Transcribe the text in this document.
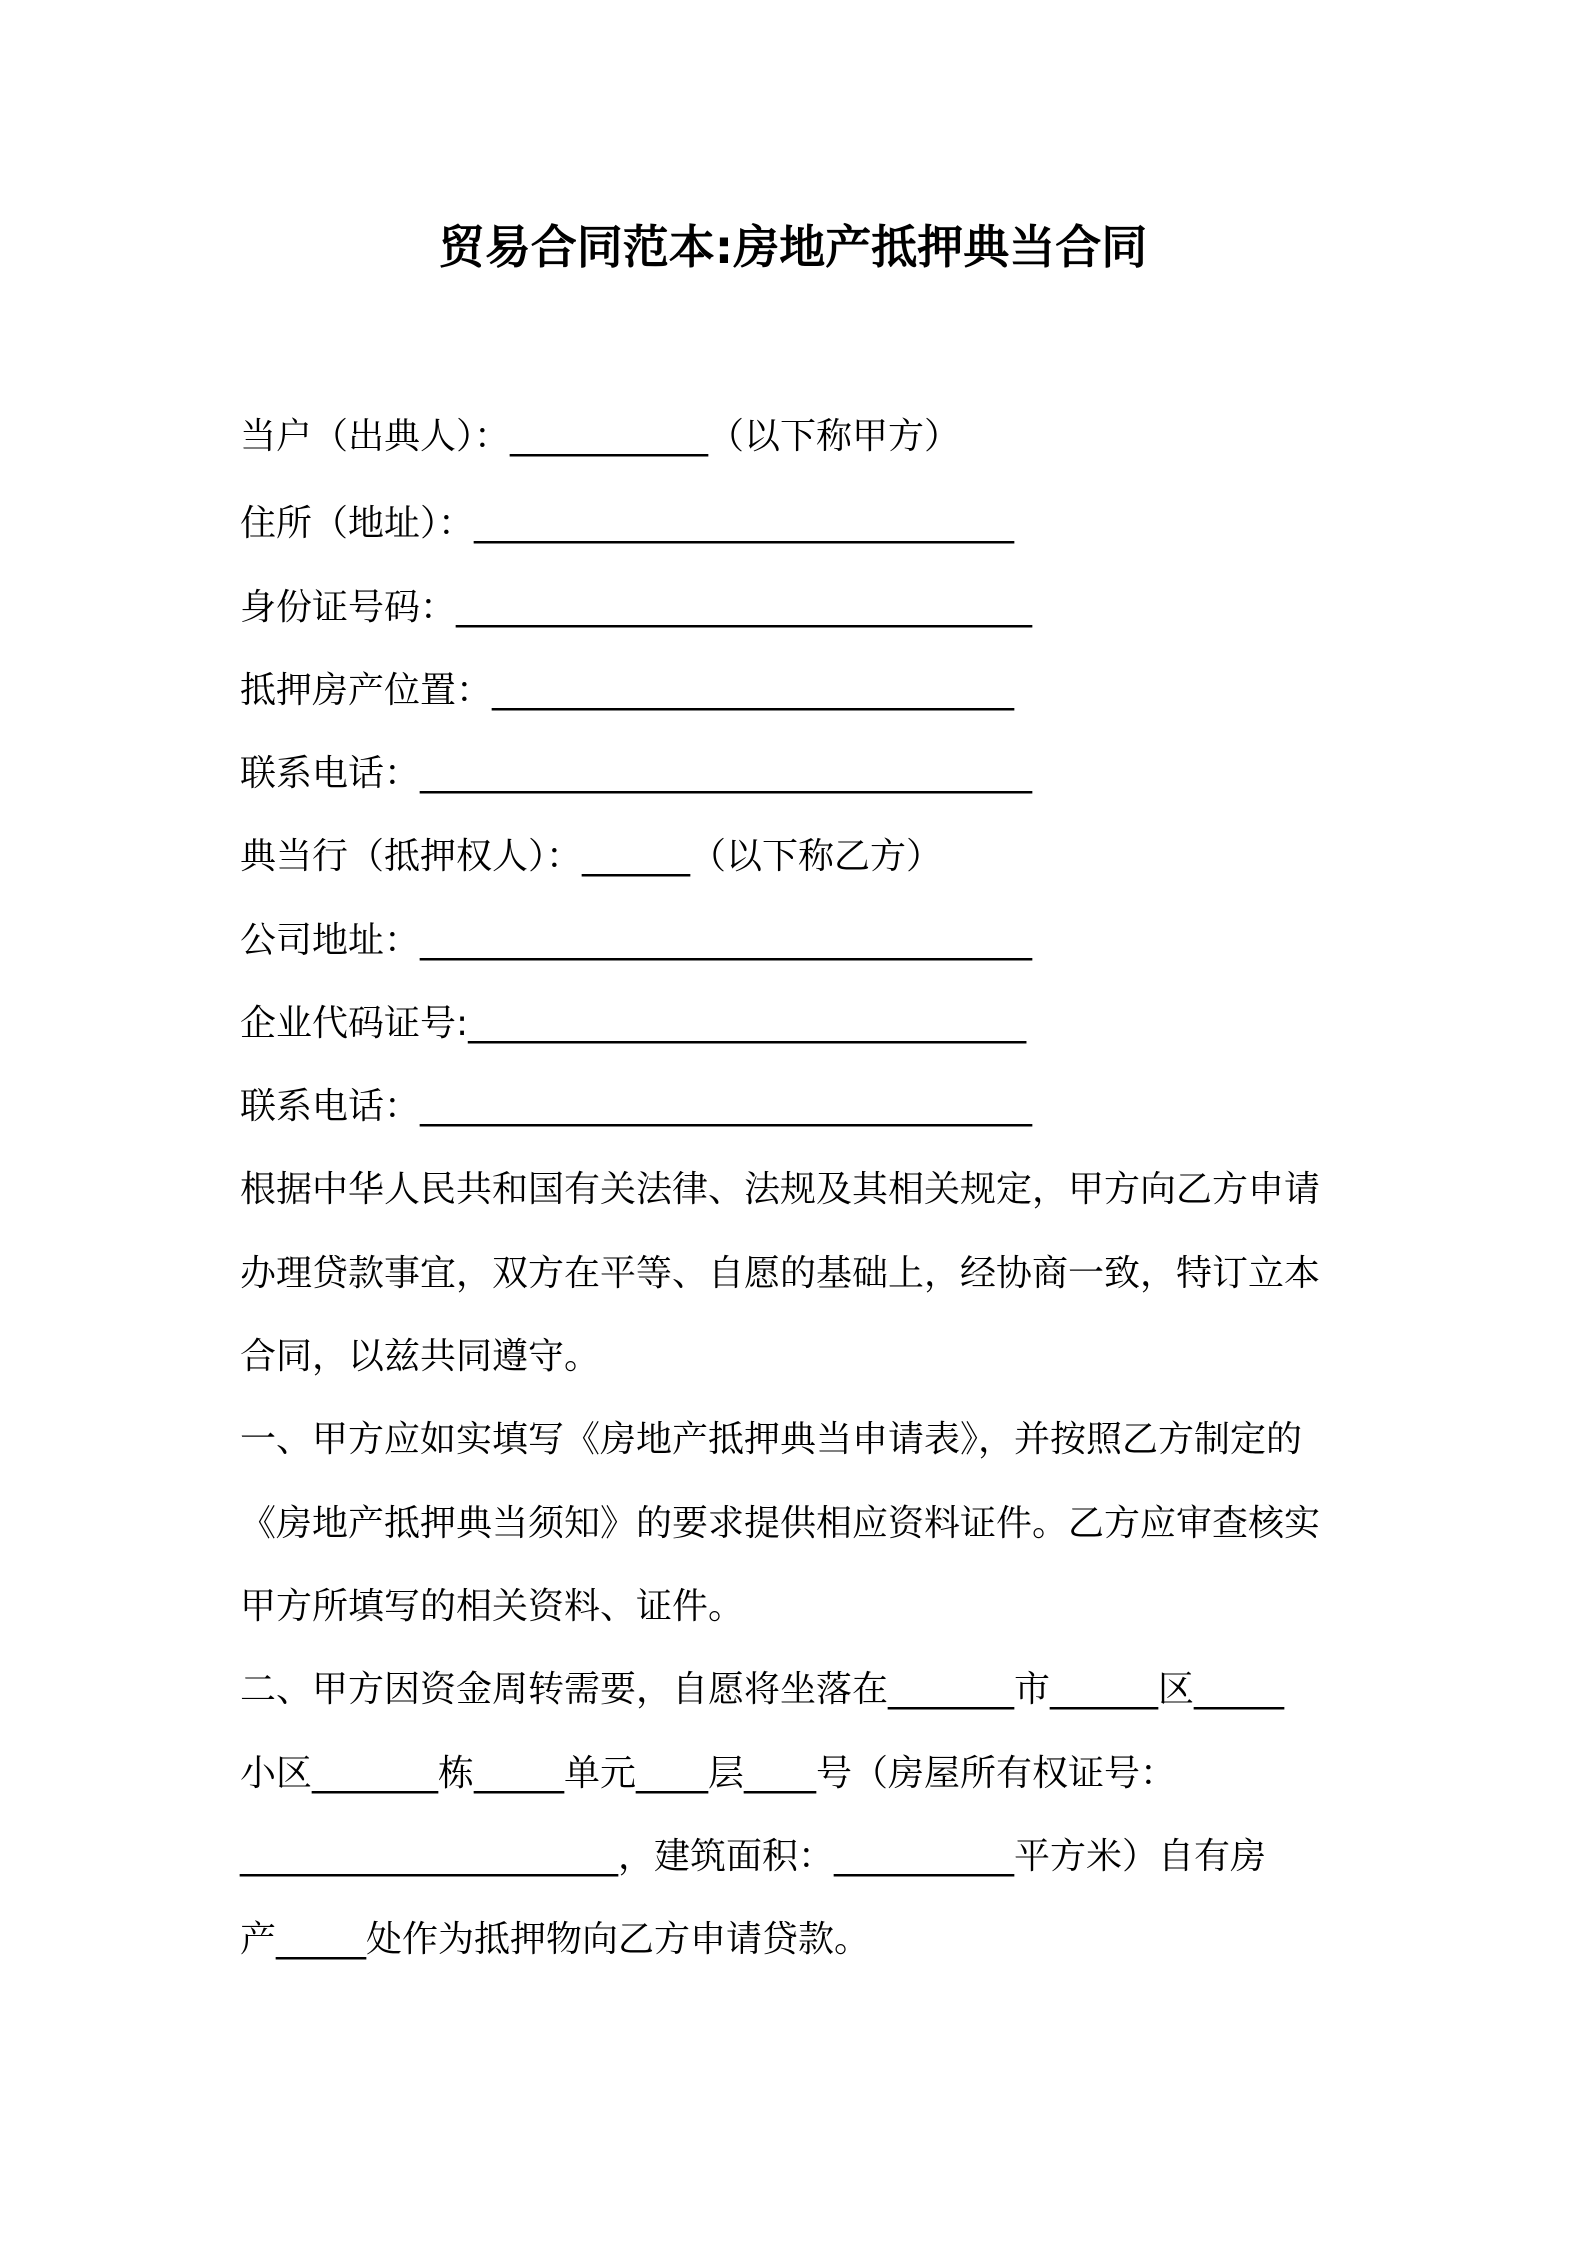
贸易合同范本:房地产抵押典当合同
当户（出典人）：___________（以下称甲方）
住所（地址）：______________________________
身份证号码：________________________________
抵押房产位置：_____________________________
联系电话：__________________________________
典当行（抵押权人）：______（以下称乙方）
公司地址：__________________________________
企业代码证号:_______________________________
联系电话：__________________________________
根据中华人民共和国有关法律、法规及其相关规定，甲方向乙方申请
办理贷款事宜，双方在平等、自愿的基础上，经协商一致，特订立本
合同，以兹共同遵守。
一、甲方应如实填写《房地产抵押典当申请表》，并按照乙方制定的
《房地产抵押典当须知》的要求提供相应资料证件。乙方应审查核实
甲方所填写的相关资料、证件。
二、甲方因资金周转需要，自愿将坐落在_______市______区_____
小区_______栋_____单元____层____号（房屋所有权证号：
_____________________，建筑面积：__________平方米）自有房
产_____处作为抵押物向乙方申请贷款。
